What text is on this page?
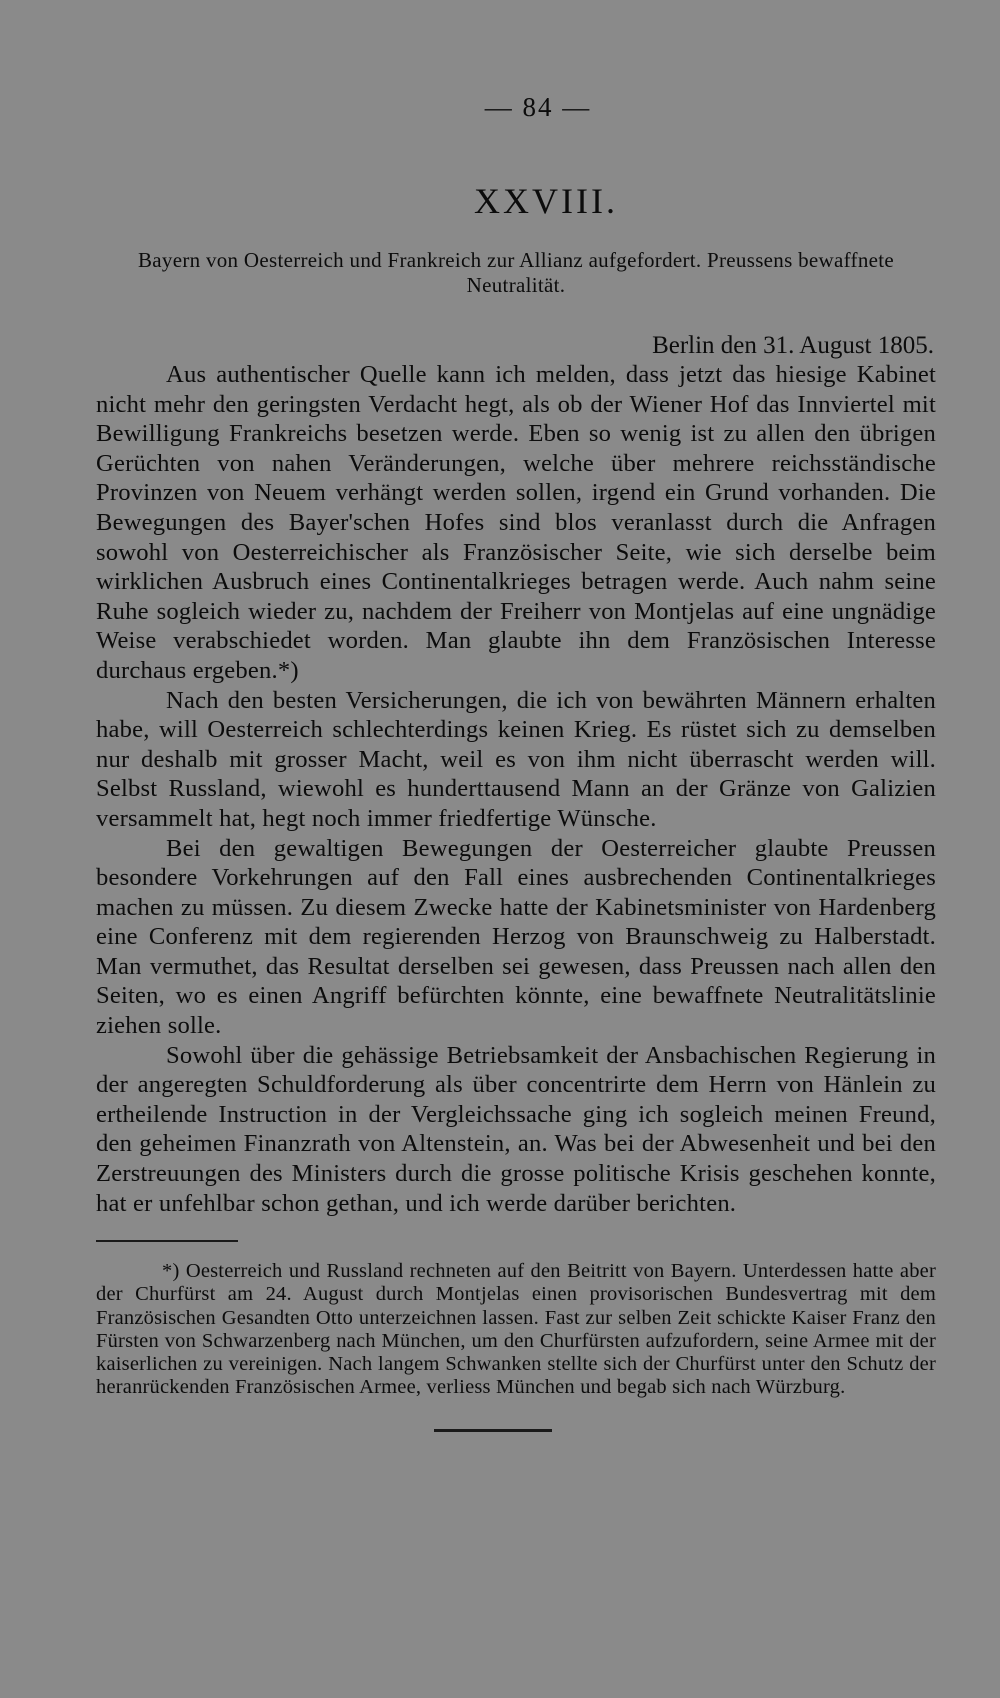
— 84 —
XXVIII.
Bayern von Oesterreich und Frankreich zur Allianz aufgefordert. Preussens bewaffnete Neutralität.
Berlin den 31. August 1805.

Aus authentischer Quelle kann ich melden, dass jetzt das hiesige Kabinet nicht mehr den geringsten Verdacht hegt, als ob der Wiener Hof das Innviertel mit Bewilligung Frankreichs besetzen werde. Eben so wenig ist zu allen den übrigen Gerüchten von nahen Veränderungen, welche über mehrere reichsständische Provinzen von Neuem verhängt werden sollen, irgend ein Grund vorhanden. Die Bewegungen des Bayer'schen Hofes sind blos veranlasst durch die Anfragen sowohl von Oesterreichischer als Französischer Seite, wie sich derselbe beim wirklichen Ausbruch eines Continentalkrieges betragen werde. Auch nahm seine Ruhe sogleich wieder zu, nachdem der Freiherr von Montjelas auf eine ungnädige Weise verabschiedet worden. Man glaubte ihn dem Französischen Interesse durchaus ergeben.*)

Nach den besten Versicherungen, die ich von bewährten Männern erhalten habe, will Oesterreich schlechterdings keinen Krieg. Es rüstet sich zu demselben nur deshalb mit grosser Macht, weil es von ihm nicht überrascht werden will. Selbst Russland, wiewohl es hunderttausend Mann an der Gränze von Galizien versammelt hat, hegt noch immer friedfertige Wünsche.

Bei den gewaltigen Bewegungen der Oesterreicher glaubte Preussen besondere Vorkehrungen auf den Fall eines ausbrechenden Continentalkrieges machen zu müssen. Zu diesem Zwecke hatte der Kabinetsminister von Hardenberg eine Conferenz mit dem regierenden Herzog von Braunschweig zu Halberstadt. Man vermuthet, das Resultat derselben sei gewesen, dass Preussen nach allen den Seiten, wo es einen Angriff befürchten könnte, eine bewaffnete Neutralitätslinie ziehen solle.

Sowohl über die gehässige Betriebsamkeit der Ansbachischen Regierung in der angeregten Schuldforderung als über concentrirte dem Herrn von Hänlein zu ertheilende Instruction in der Vergleichssache ging ich sogleich meinen Freund, den geheimen Finanzrath von Altenstein, an. Was bei der Abwesenheit und bei den Zerstreuungen des Ministers durch die grosse politische Krisis geschehen konnte, hat er unfehlbar schon gethan, und ich werde darüber berichten.

*) Oesterreich und Russland rechneten auf den Beitritt von Bayern. Unterdessen hatte aber der Churfürst am 24. August durch Montjelas einen provisorischen Bundesvertrag mit dem Französischen Gesandten Otto unterzeichnen lassen. Fast zur selben Zeit schickte Kaiser Franz den Fürsten von Schwarzenberg nach München, um den Churfürsten aufzufordern, seine Armee mit der kaiserlichen zu vereinigen. Nach langem Schwanken stellte sich der Churfürst unter den Schutz der heranrückenden Französischen Armee, verliess München und begab sich nach Würzburg.
